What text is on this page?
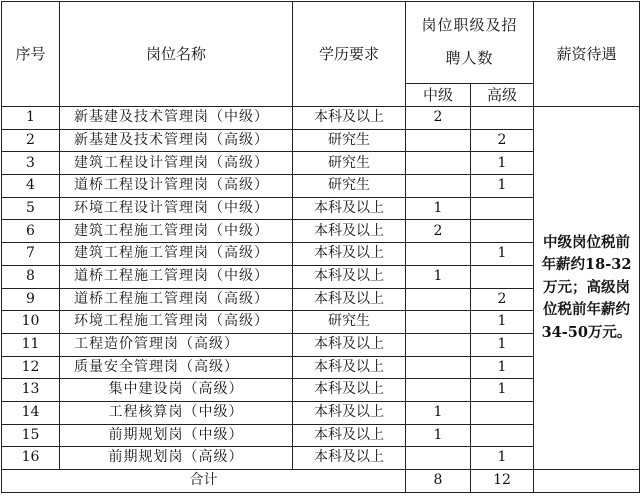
序号	岗位名称	学历要求	岗位职级及招聘人数		薪资待遇
			中级	高级	
1	新基建及技术管理岗（中级）	本科及以上	2		中级岗位税前年薪约18-32万元；高级岗位税前年薪约34-50万元。
2	新基建及技术管理岗（高级）	研究生		2	
3	建筑工程设计管理岗（高级）	研究生		1	
4	道桥工程设计管理岗（高级）	研究生		1	
5	环境工程设计管理岗（中级）	本科及以上	1		
6	建筑工程施工管理岗（中级）	本科及以上	2		
7	建筑工程施工管理岗（高级）	本科及以上		1	
8	道桥工程施工管理岗（中级）	本科及以上	1		
9	道桥工程施工管理岗（高级）	本科及以上		2	
10	环境工程施工管理岗（高级）	研究生		1	
11	工程造价管理岗（高级）	本科及以上		1	
12	质量安全管理岗（高级）	本科及以上		1	
13	集中建设岗（高级）	本科及以上		1	
14	工程核算岗（中级）	本科及以上	1		
15	前期规划岗（中级）	本科及以上	1		
16	前期规划岗（高级）	本科及以上		1	
合计			8	12	
